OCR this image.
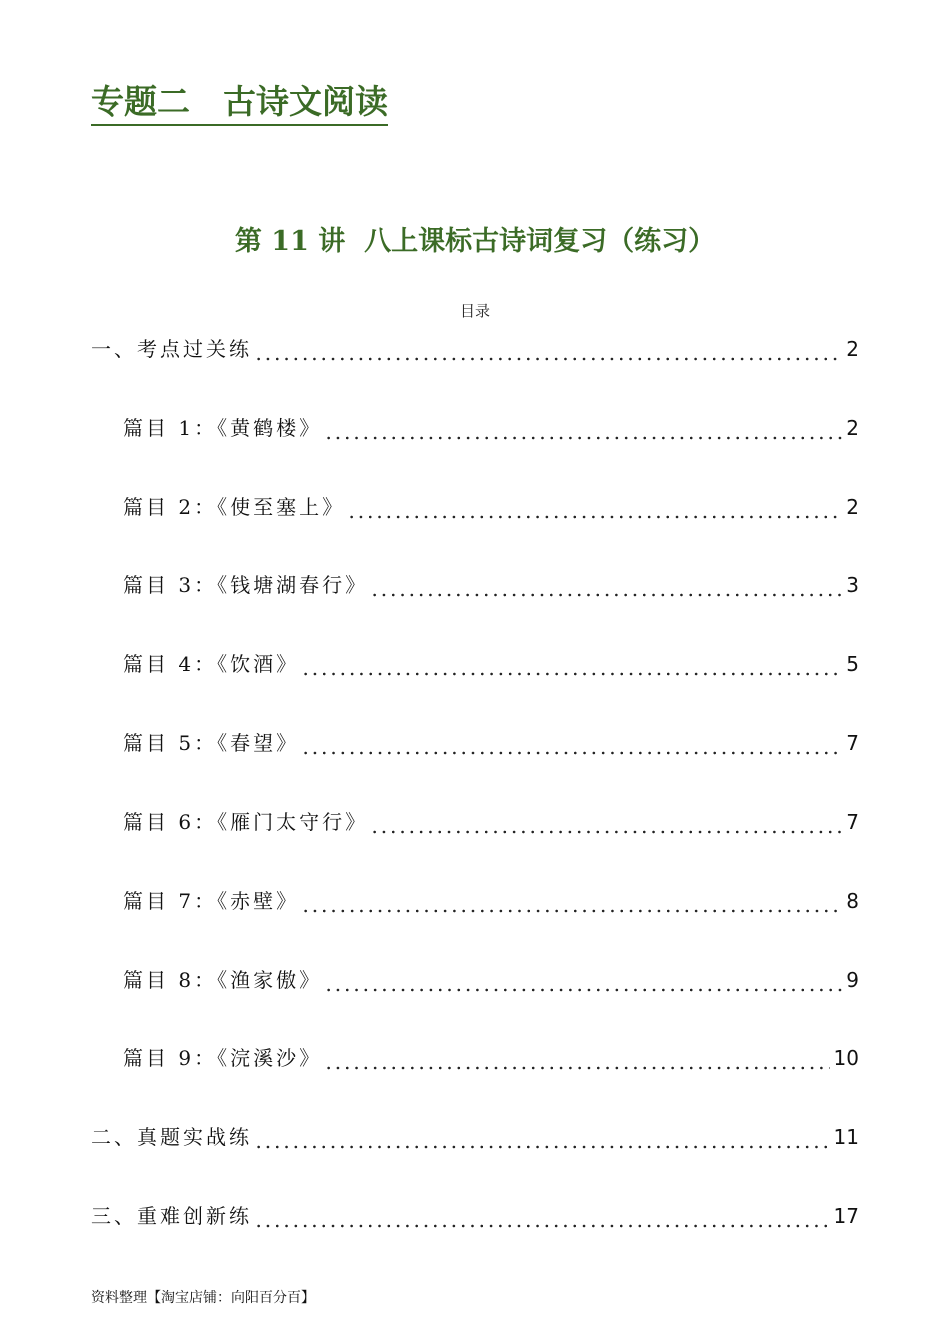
专题二　古诗文阅读
第 11 讲  八上课标古诗词复习（练习）
目录
一、考点过关练	2
篇目 1：《黄鹤楼》	2
篇目 2：《使至塞上》	2
篇目 3：《钱塘湖春行》	3
篇目 4：《饮酒》	5
篇目 5：《春望》	7
篇目 6：《雁门太守行》	7
篇目 7：《赤壁》	8
篇目 8：《渔家傲》	9
篇目 9：《浣溪沙》	10
二、真题实战练	11
三、重难创新练	17
资料整理【淘宝店铺：向阳百分百】
